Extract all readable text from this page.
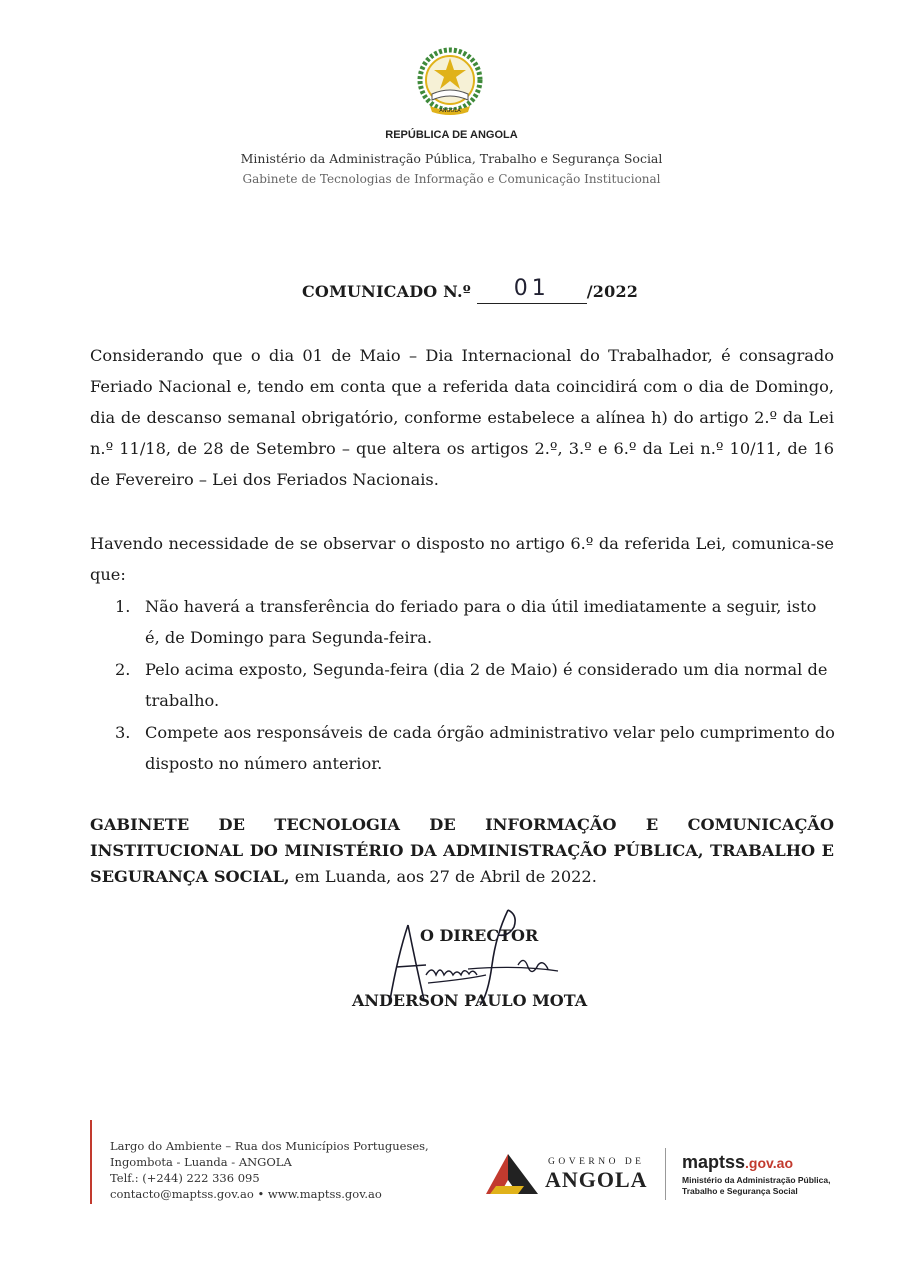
ANGOLA
REPÚBLICA DE ANGOLA
Ministério da Administração Pública, Trabalho e Segurança Social
Gabinete de Tecnologias de Informação e Comunicação Institucional
COMUNICADO N.º 01 /2022
Considerando que o dia 01 de Maio – Dia Internacional do Trabalhador, é consagrado Feriado Nacional e, tendo em conta que a referida data coincidirá com o dia de Domingo, dia de descanso semanal obrigatório, conforme estabelece a alínea h) do artigo 2.º da Lei n.º 11/18, de 28 de Setembro – que altera os artigos 2.º, 3.º e 6.º da Lei n.º 10/11, de 16 de Fevereiro – Lei dos Feriados Nacionais.
Havendo necessidade de se observar o disposto no artigo 6.º da referida Lei, comunica-se que:
1. Não haverá a transferência do feriado para o dia útil imediatamente a seguir, isto é, de Domingo para Segunda-feira.
2. Pelo acima exposto, Segunda-feira (dia 2 de Maio) é considerado um dia normal de trabalho.
3. Compete aos responsáveis de cada órgão administrativo velar pelo cumprimento do disposto no número anterior.
GABINETE DE TECNOLOGIA DE INFORMAÇÃO E COMUNICAÇÃO INSTITUCIONAL DO MINISTÉRIO DA ADMINISTRAÇÃO PÚBLICA, TRABALHO E SEGURANÇA SOCIAL, em Luanda, aos 27 de Abril de 2022.
O DIRECTOR
ANDERSON PAULO MOTA
Largo do Ambiente – Rua dos Municípios Portugueses,
Ingombota - Luanda - ANGOLA
Telf.: (+244) 222 336 095
contacto@maptss.gov.ao • www.maptss.gov.ao
GOVERNO DE
ANGOLA
maptss.gov.ao
Ministério da Administração Pública,
Trabalho e Segurança Social
